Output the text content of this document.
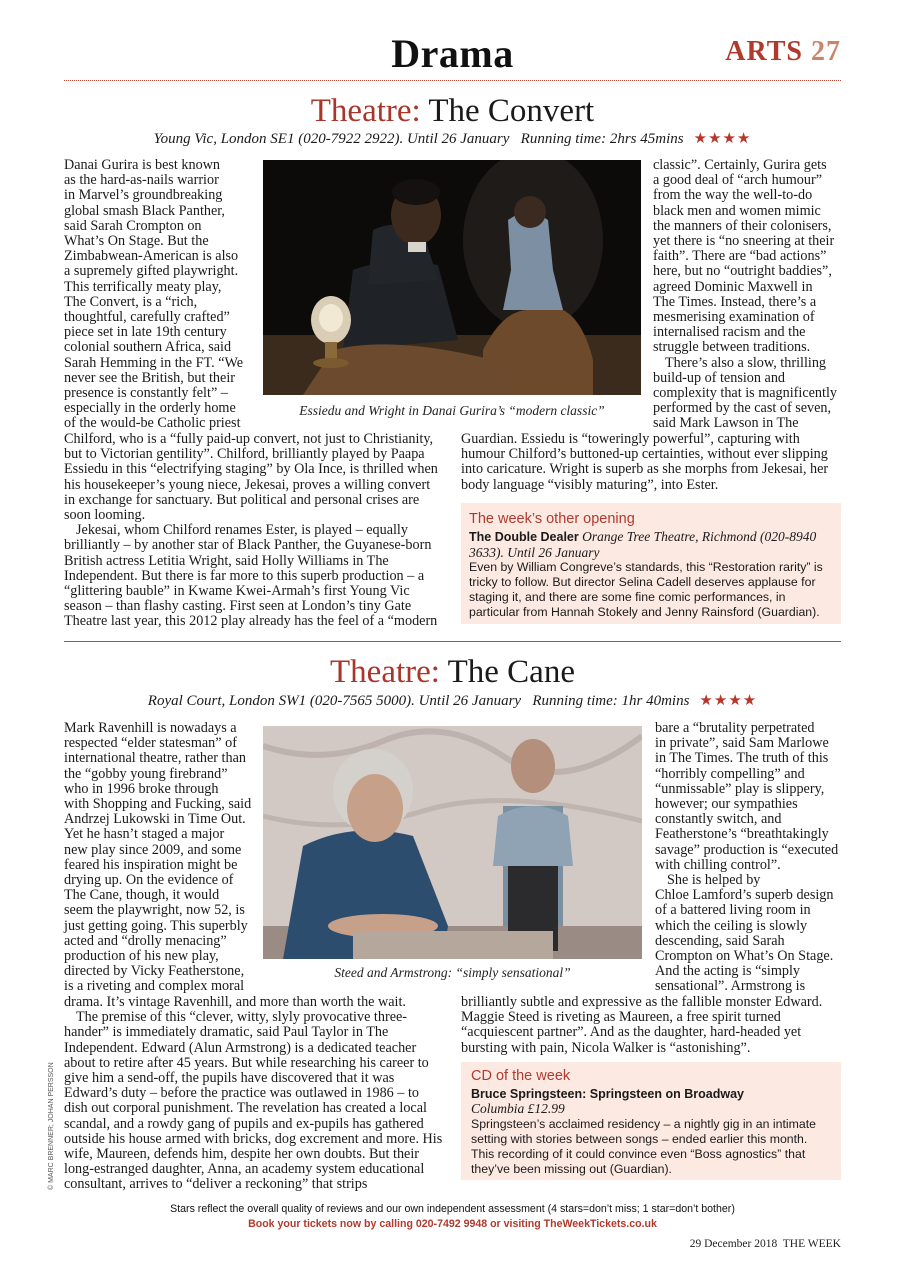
Drama	ARTS 27
Theatre: The Convert
Young Vic, London SE1 (020-7922 2922). Until 26 January   Running time: 2hrs 45mins ★★★★

Danai Gurira is best known

as the hard-as-nails warrior

in Marvel’s groundbreaking

global smash Black Panther,

said Sarah Crompton on

What’s On Stage. But the

Zimbabwean-American is also

a supremely gifted playwright.

This terrifically meaty play,

The Convert, is a “rich,

thoughtful, carefully crafted”

piece set in late 19th century

colonial southern Africa, said

Sarah Hemming in the FT. “We

never see the British, but their

presence is constantly felt” –

especially in the orderly home

of the would-be Catholic priest

Chilford, who is a “fully paid-up convert, not just to Christianity, but to Victorian gentility”. Chilford, brilliantly played by Paapa Essiedu in this “electrifying staging” by Ola Ince, is thrilled when his housekeeper’s young niece, Jekesai, proves a willing convert in exchange for sanctuary. But political and personal crises are soon looming.

Jekesai, whom Chilford renames Ester, is played – equally brilliantly – by another star of Black Panther, the Guyanese-born British actress Letitia Wright, said Holly Williams in The Independent. But there is far more to this superb production – a “glittering bauble” in Kwame Kwei-Armah’s first Young Vic season – than flashy casting. First seen at London’s tiny Gate Theatre last year, this 2012 play already has the feel of a “modern

Essiedu and Wright in Danai Gurira’s “modern classic”

classic”. Certainly, Gurira gets

a good deal of “arch humour”

from the way the well-to-do

black men and women mimic

the manners of their colonisers,

yet there is “no sneering at their

faith”. There are “bad actions”

here, but no “outright baddies”,

agreed Dominic Maxwell in

The Times. Instead, there’s a

mesmerising examination of

internalised racism and the

struggle between traditions.

There’s also a slow, thrilling

build-up of tension and

complexity that is magnificently

performed by the cast of seven,

said Mark Lawson in The

Guardian. Essiedu is “toweringly powerful”, capturing with humour Chilford’s buttoned-up certainties, without ever slipping into caricature. Wright is superb as she morphs from Jekesai, her body language “visibly maturing”, into Ester.

The week’s other opening
The Double Dealer Orange Tree Theatre, Richmond (020-8940 3633). Until 26 January
Even by William Congreve’s standards, this “Restoration rarity” is tricky to follow. But director Selina Cadell deserves applause for staging it, and there are some fine comic performances, in particular from Hannah Stokely and Jenny Rainsford (Guardian).
Theatre: The Cane
Royal Court, London SW1 (020-7565 5000). Until 26 January   Running time: 1hr 40mins ★★★★

Mark Ravenhill is nowadays a

respected “elder statesman” of

international theatre, rather than

the “gobby young firebrand”

who in 1996 broke through

with Shopping and Fucking, said

Andrzej Lukowski in Time Out.

Yet he hasn’t staged a major

new play since 2009, and some

feared his inspiration might be

drying up. On the evidence of

The Cane, though, it would

seem the playwright, now 52, is

just getting going. This superbly

acted and “drolly menacing”

production of his new play,

directed by Vicky Featherstone,

is a riveting and complex moral

drama. It’s vintage Ravenhill, and more than worth the wait.

The premise of this “clever, witty, slyly provocative three-hander” is immediately dramatic, said Paul Taylor in The Independent. Edward (Alun Armstrong) is a dedicated teacher about to retire after 45 years. But while researching his career to give him a send-off, the pupils have discovered that it was Edward’s duty – before the practice was outlawed in 1986 – to dish out corporal punishment. The revelation has created a local scandal, and a rowdy gang of pupils and ex-pupils has gathered outside his house armed with bricks, dog excrement and more. His wife, Maureen, defends him, despite her own doubts. But their long-estranged daughter, Anna, an academy system educational consultant, arrives to “deliver a reckoning” that strips

Steed and Armstrong: “simply sensational”

bare a “brutality perpetrated

in private”, said Sam Marlowe

in The Times. The truth of this

“horribly compelling” and

“unmissable” play is slippery,

however; our sympathies

constantly switch, and

Featherstone’s “breathtakingly

savage” production is “executed

with chilling control”.

She is helped by

Chloe Lamford’s superb design

of a battered living room in

which the ceiling is slowly

descending, said Sarah

Crompton on What’s On Stage.

And the acting is “simply

sensational”. Armstrong is

brilliantly subtle and expressive as the fallible monster Edward. Maggie Steed is riveting as Maureen, a free spirit turned “acquiescent partner”. And as the daughter, hard-headed yet bursting with pain, Nicola Walker is “astonishing”.

CD of the week
Bruce Springsteen: Springsteen on Broadway
Columbia £12.99
Springsteen’s acclaimed residency – a nightly gig in an intimate setting with stories between songs – ended earlier this month. This recording of it could convince even “Boss agnostics” that they’ve been missing out (Guardian).
© MARC BRENNER; JOHAN PERSSON
Stars reflect the overall quality of reviews and our own independent assessment (4 stars=don’t miss; 1 star=don’t bother)
Book your tickets now by calling 020-7492 9948 or visiting TheWeekTickets.co.uk
29 December 2018  THE WEEK
